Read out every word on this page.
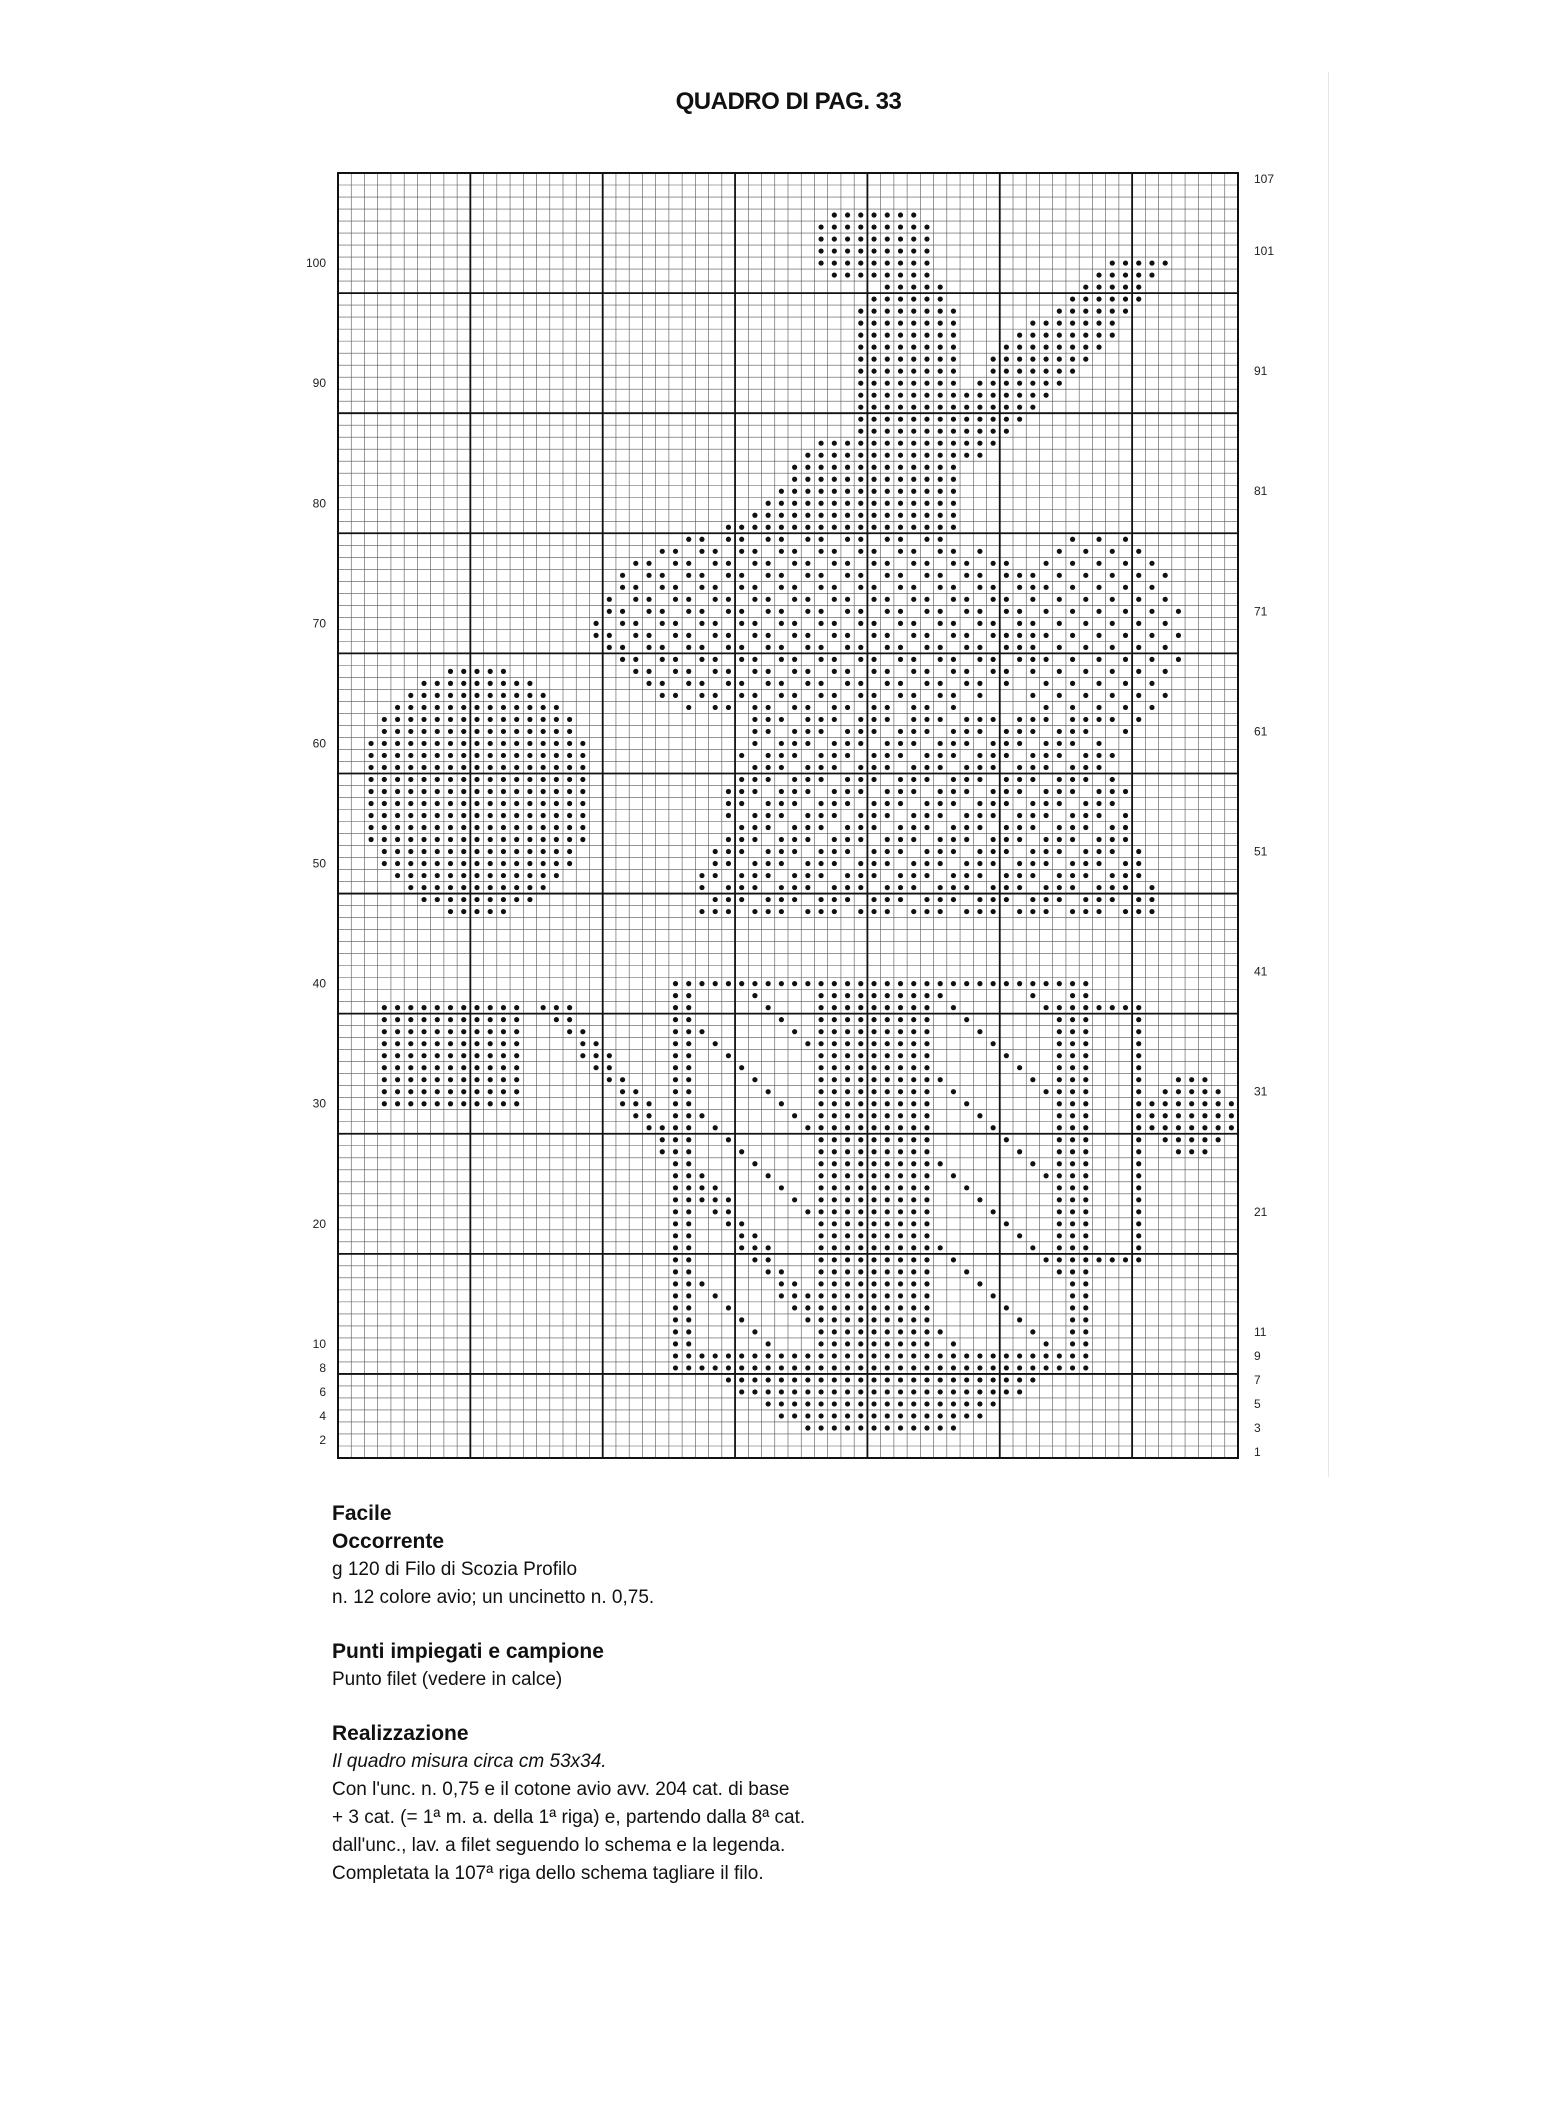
QUADRO DI PAG. 33
100
90
80
70
60
50
40
30
20
10
8
6
4
2
107
101
91
81
71
61
51
41
31
21
11
9
7
5
3
1

Facile

Occorrente

g 120 di Filo di Scozia Profilo

n. 12 colore avio; un uncinetto n. 0,75.

Punti impiegati e campione

Punto filet (vedere in calce)

Realizzazione

Il quadro misura circa cm 53x34.

Con l'unc. n. 0,75 e il cotone avio avv. 204 cat. di base

+ 3 cat. (= 1ª m. a. della 1ª riga) e, partendo dalla 8ª cat.

dall'unc., lav. a filet seguendo lo schema e la legenda.

Completata la 107ª riga dello schema tagliare il filo.
